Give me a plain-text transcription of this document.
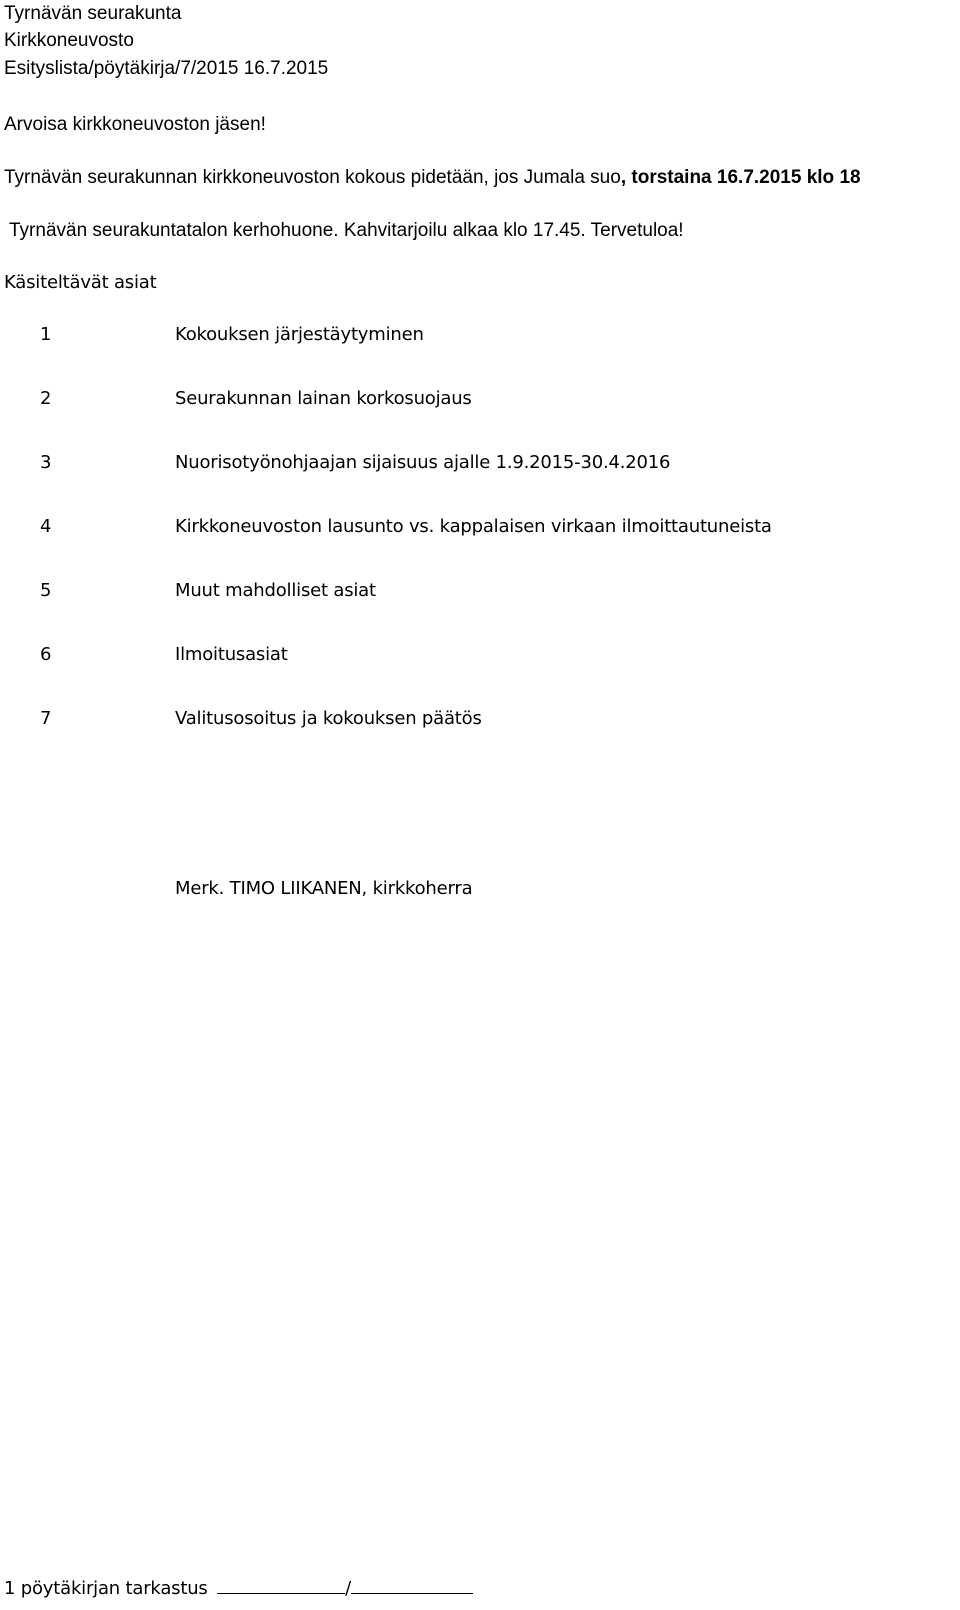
Tyrnävän seurakunta
Kirkkoneuvosto
Esityslista/pöytäkirja/7/2015 16.7.2015
Arvoisa kirkkoneuvoston jäsen!
Tyrnävän seurakunnan kirkkoneuvoston kokous pidetään, jos Jumala suo, torstaina 16.7.2015 klo 18
Tyrnävän seurakuntatalon kerhohuone. Kahvitarjoilu alkaa klo 17.45. Tervetuloa!
Käsiteltävät asiat
1	Kokouksen järjestäytyminen
2	Seurakunnan lainan korkosuojaus
3	Nuorisotyönohjaajan sijaisuus ajalle 1.9.2015-30.4.2016
4	Kirkkoneuvoston lausunto vs. kappalaisen virkaan ilmoittautuneista
5	Muut mahdolliset asiat
6	Ilmoitusasiat
7	Valitusosoitus ja kokouksen päätös
Merk. TIMO LIIKANEN, kirkkoherra
1 pöytäkirjan tarkastus	/
